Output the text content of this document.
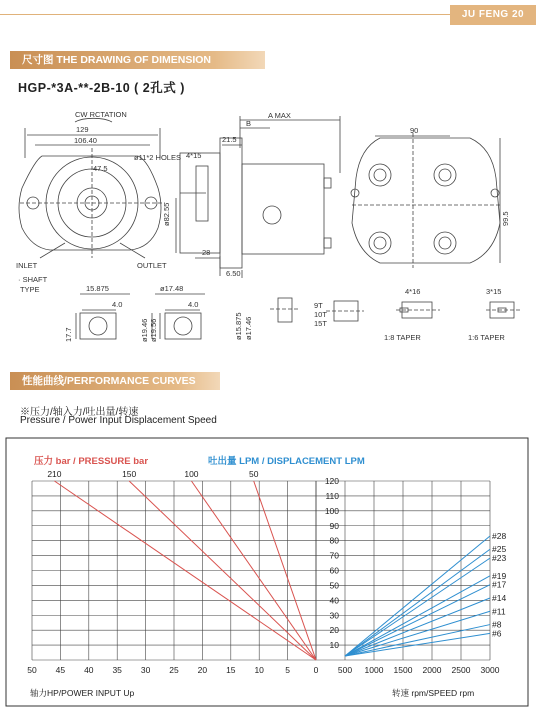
JU FENG 20
尺寸图 THE DRAWING OF DIMENSION
HGP-*3A-**-2B-10 ( 2孔式 )
CW RCTATION
129
106.40
47.5
ø11*2 HOLES
A MAX
B
21.5
4*15
ø82.55
28
6.50
INLET	OUTLET
90
99.5
· SHAFT TYPE	15.875
4.0
ø17.48
4.0
17.7	ø19.46 ø19.56	ø15.875 ø17.46
9T
10T
15T
4*16	3*15
1:8 TAPER	1:6 TAPER
性能曲线/PERFORMANCE CURVES
※压力/轴入力/吐出量/转速
Pressure / Power Input Displacement Speed
压力 bar / PRESSURE bar	吐出量 LPM / DISPLACEMENT LPM
50 45 40 35 30 25 20 15 10	5	0 500 1000 1500 2000 2500 3000
120
110
100
90
80
70
60
50
40
30
20
10
210	150	100	50
#28
#25
#23
#19
#17
#14
#11
#8
#6
轴力HP/POWER INPUT Up	转速 rpm/SPEED rpm
